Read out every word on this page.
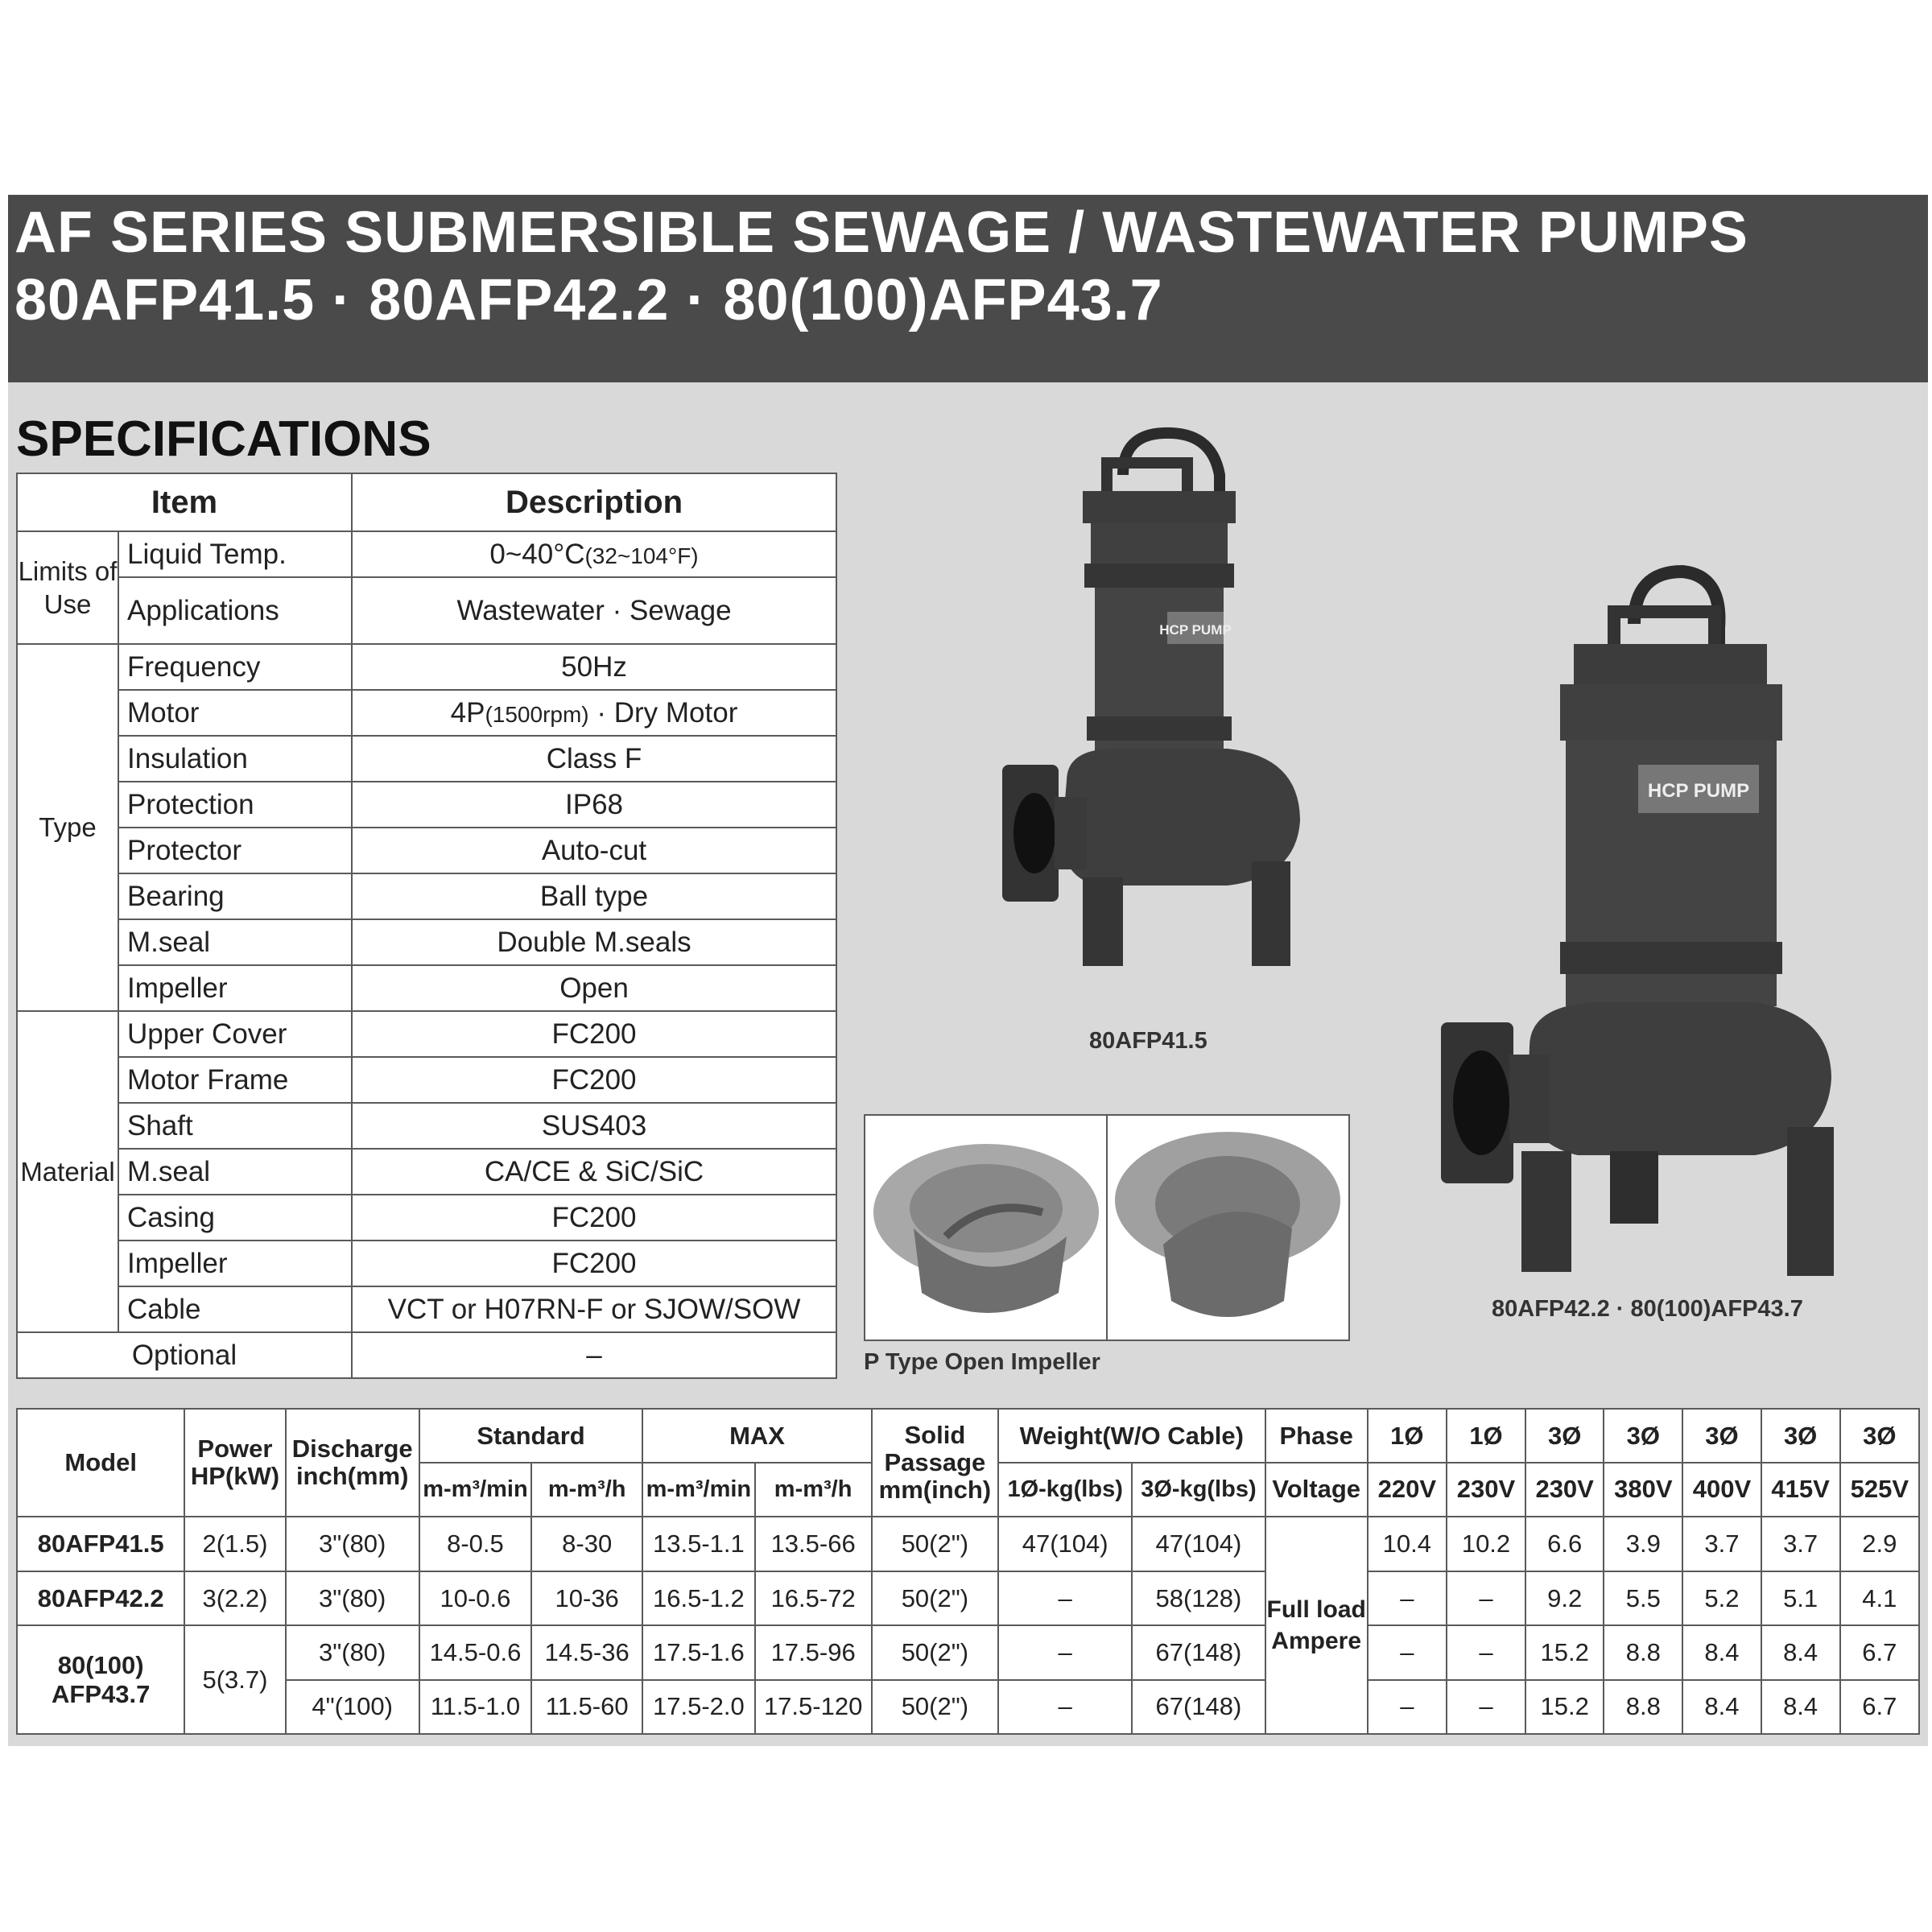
AF SERIES SUBMERSIBLE SEWAGE / WASTEWATER PUMPS
80AFP41.5 · 80AFP42.2 · 80(100)AFP43.7
SPECIFICATIONS
Item		Description
Limits of Use	Liquid Temp.	0~40°C(32~104°F)
	Applications	Wastewater · Sewage
Type	Frequency	50Hz
	Motor	4P(1500rpm) · Dry Motor
	Insulation	Class F
	Protection	IP68
	Protector	Auto-cut
	Bearing	Ball type
	M.seal	Double M.seals
	Impeller	Open
Material	Upper Cover	FC200
	Motor Frame	FC200
	Shaft	SUS403
	M.seal	CA/CE & SiC/SiC
	Casing	FC200
	Impeller	FC200
	Cable	VCT or H07RN-F or SJOW/SOW
Optional		–
HCP PUMP
80AFP41.5
HCP PUMP
80AFP42.2 · 80(100)AFP43.7
P Type Open Impeller
Model	Power HP(kW)	Discharge inch(mm)	Standard		MAX		Solid Passage mm(inch)	Weight(W/O Cable)		Phase	1Ø	1Ø	3Ø	3Ø	3Ø	3Ø	3Ø
			m-m³/min	m-m³/h	m-m³/min	m-m³/h		1Ø-kg(lbs)	3Ø-kg(lbs)	Voltage	220V	230V	230V	380V	400V	415V	525V
80AFP41.5	2(1.5)	3"(80)	8-0.5	8-30	13.5-1.1	13.5-66	50(2")	47(104)	47(104)	Full load Ampere	10.4	10.2	6.6	3.9	3.7	3.7	2.9
80AFP42.2	3(2.2)	3"(80)	10-0.6	10-36	16.5-1.2	16.5-72	50(2")	–	58(128)		–	–	9.2	5.5	5.2	5.1	4.1
80(100) AFP43.7	5(3.7)	3"(80)	14.5-0.6	14.5-36	17.5-1.6	17.5-96	50(2")	–	67(148)		–	–	15.2	8.8	8.4	8.4	6.7
		4"(100)	11.5-1.0	11.5-60	17.5-2.0	17.5-120	50(2")	–	67(148)		–	–	15.2	8.8	8.4	8.4	6.7
